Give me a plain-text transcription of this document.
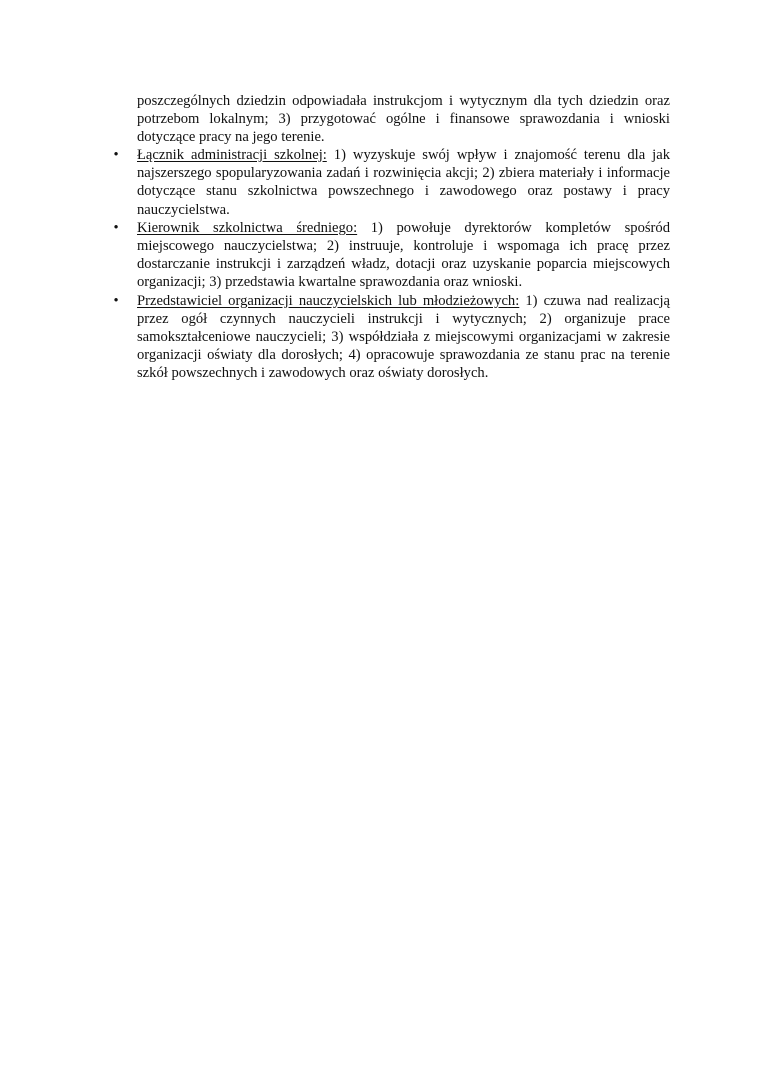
poszczególnych dziedzin odpowiadała instrukcjom i wytycznym dla tych dziedzin oraz potrzebom lokalnym; 3) przygotować ogólne i finansowe sprawozdania i wnioski dotyczące pracy na jego terenie.

• Łącznik administracji szkolnej: 1) wyzyskuje swój wpływ i znajomość terenu dla jak najszerszego spopularyzowania zadań i rozwinięcia akcji; 2) zbiera materiały i informacje dotyczące stanu szkolnictwa powszechnego i zawodowego oraz postawy i pracy nauczycielstwa.
• Kierownik szkolnictwa średniego: 1) powołuje dyrektorów kompletów spośród miejscowego nauczycielstwa; 2) instruuje, kontroluje i wspomaga ich pracę przez dostarczanie instrukcji i zarządzeń władz, dotacji oraz uzyskanie poparcia miejscowych organizacji; 3) przedstawia kwartalne sprawozdania oraz wnioski.
• Przedstawiciel organizacji nauczycielskich lub młodzieżowych: 1) czuwa nad realizacją przez ogół czynnych nauczycieli instrukcji i wytycznych; 2) organizuje prace samokształceniowe nauczycieli; 3) współdziała z miejscowymi organizacjami w zakresie organizacji oświaty dla dorosłych; 4) opracowuje sprawozdania ze stanu prac na terenie szkół powszechnych i zawodowych oraz oświaty dorosłych.
